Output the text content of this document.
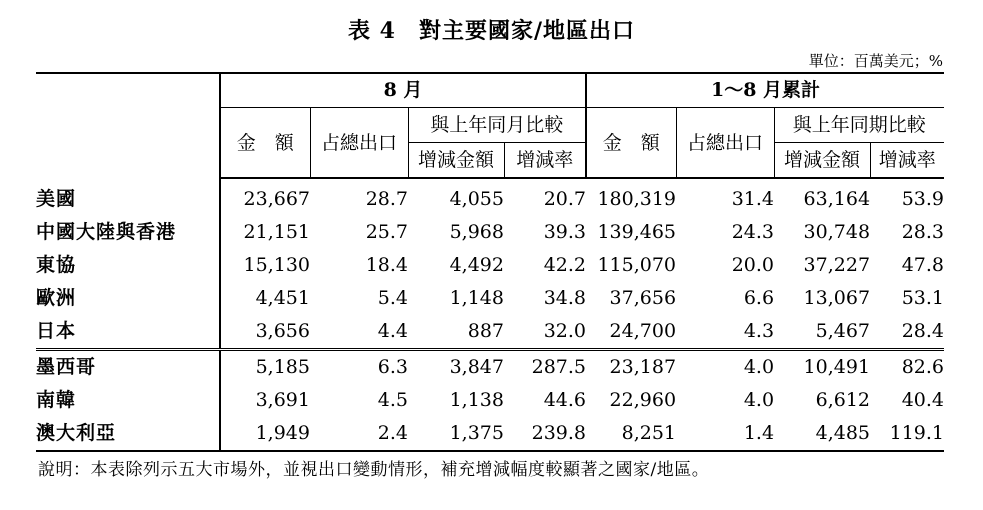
表 4　對主要國家/地區出口
單位：百萬美元；%
	8 月				1～8 月累計			
	金　額	占總出口	與上年同月比較		金　額	占總出口	與上年同期比較	
			增減金額	增減率			增減金額	增減率
美國	23,667	28.7	4,055	20.7	180,319	31.4	63,164	53.9
中國大陸與香港	21,151	25.7	5,968	39.3	139,465	24.3	30,748	28.3
東協	15,130	18.4	4,492	42.2	115,070	20.0	37,227	47.8
歐洲	4,451	5.4	1,148	34.8	37,656	6.6	13,067	53.1
日本	3,656	4.4	887	32.0	24,700	4.3	5,467	28.4
墨西哥	5,185	6.3	3,847	287.5	23,187	4.0	10,491	82.6
南韓	3,691	4.5	1,138	44.6	22,960	4.0	6,612	40.4
澳大利亞	1,949	2.4	1,375	239.8	8,251	1.4	4,485	119.1
說明：本表除列示五大市場外，並視出口變動情形，補充增減幅度較顯著之國家/地區。
